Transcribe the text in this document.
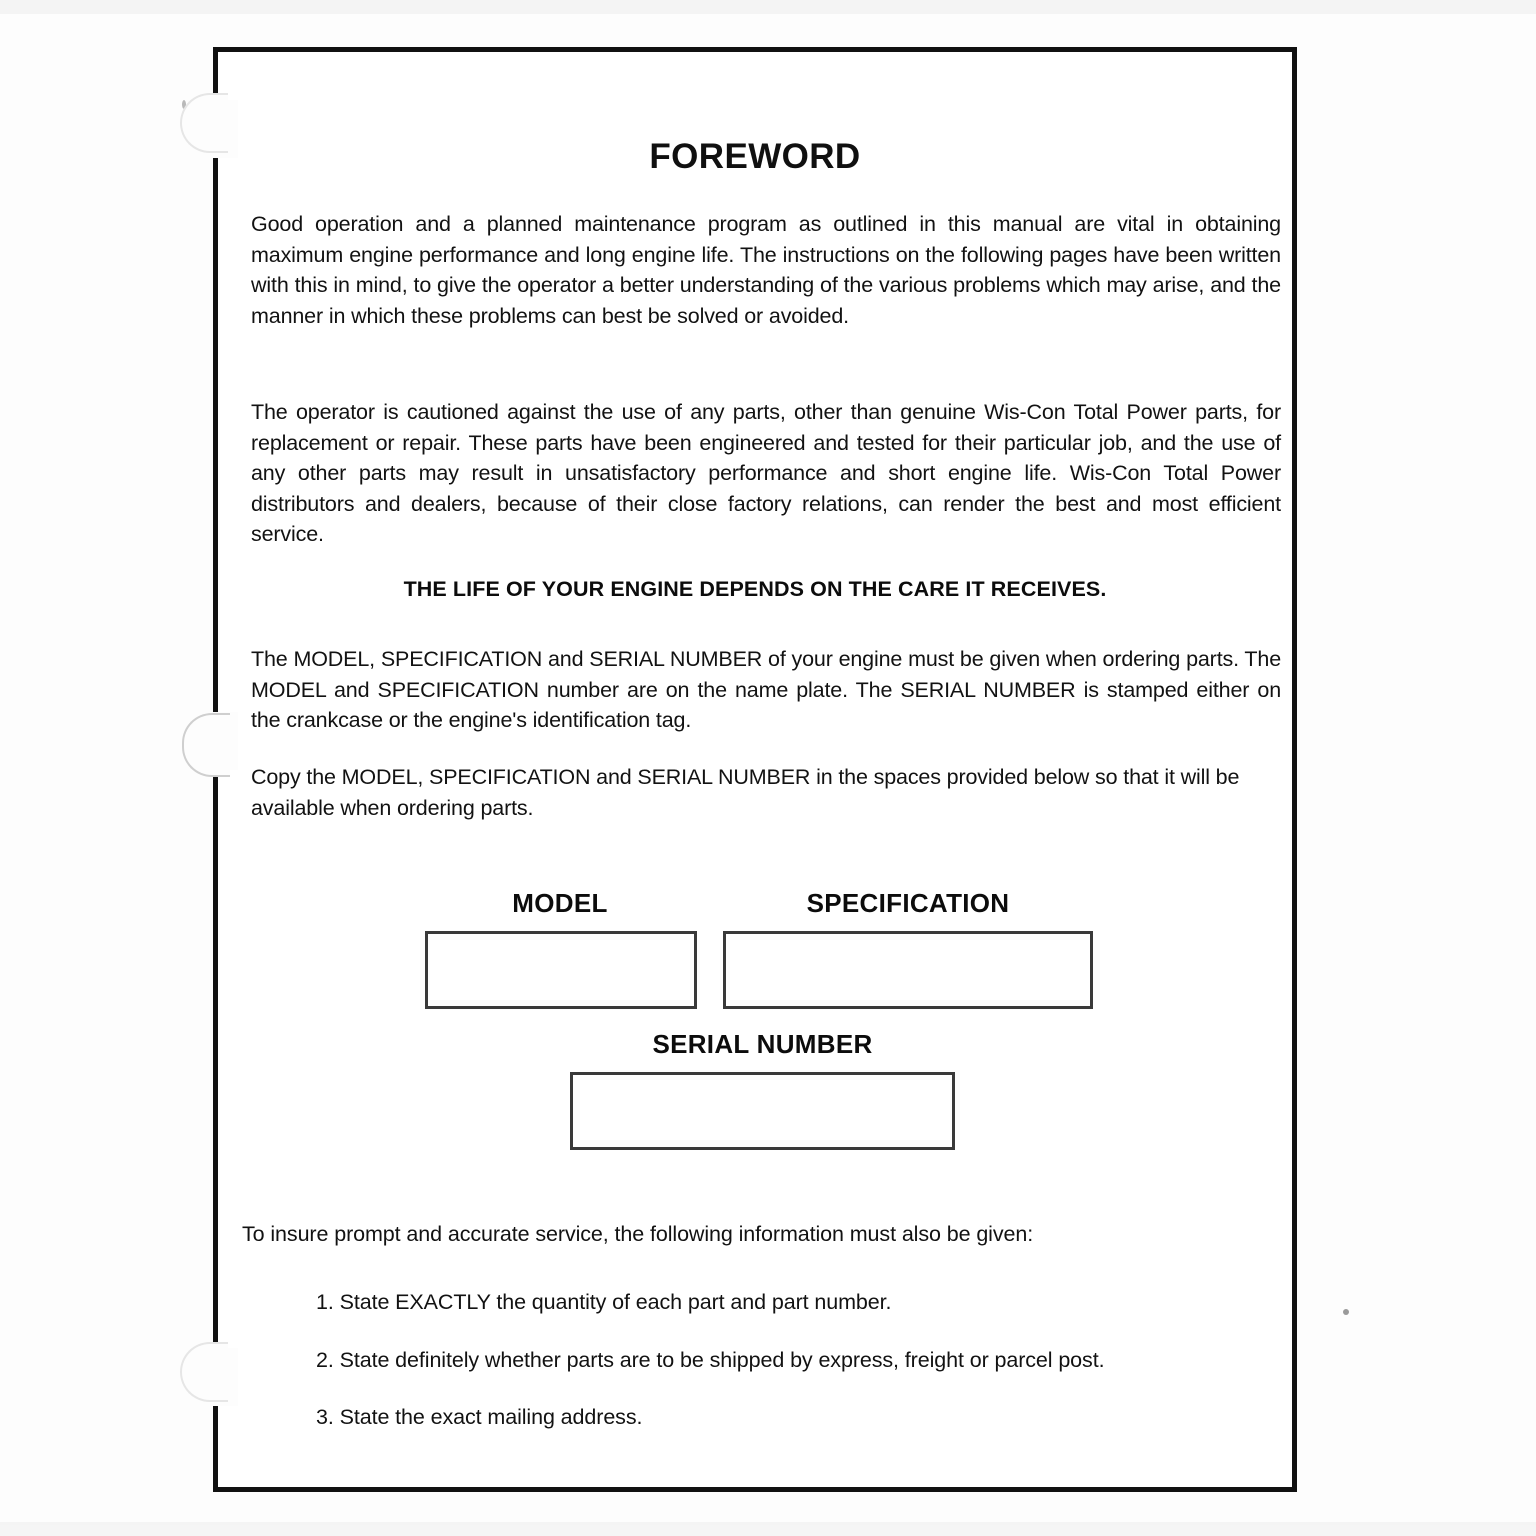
FOREWORD
Good operation and a planned maintenance program as outlined in this manual are vital in obtaining maximum engine performance and long engine life. The instructions on the following pages have been written with this in mind, to give the operator a better understanding of the various problems which may arise, and the manner in which these problems can best be solved or avoided.
The operator is cautioned against the use of any parts, other than genuine Wis-Con Total Power parts, for replacement or repair. These parts have been engineered and tested for their particular job, and the use of any other parts may result in unsatisfactory performance and short engine life. Wis-Con Total Power distributors and dealers, because of their close factory relations, can render the best and most efficient service.
THE LIFE OF YOUR ENGINE DEPENDS ON THE CARE IT RECEIVES.
The MODEL, SPECIFICATION and SERIAL NUMBER of your engine must be given when ordering parts. The MODEL and SPECIFICATION number are on the name plate. The SERIAL NUMBER is stamped either on the crankcase or the engine's identification tag.
Copy the MODEL, SPECIFICATION and SERIAL NUMBER in the spaces provided below so that it will be available when ordering parts.
MODEL	SPECIFICATION
SERIAL NUMBER
To insure prompt and accurate service, the following information must also be given:
1. State EXACTLY the quantity of each part and part number.
2. State definitely whether parts are to be shipped by express, freight or parcel post.
3. State the exact mailing address.
